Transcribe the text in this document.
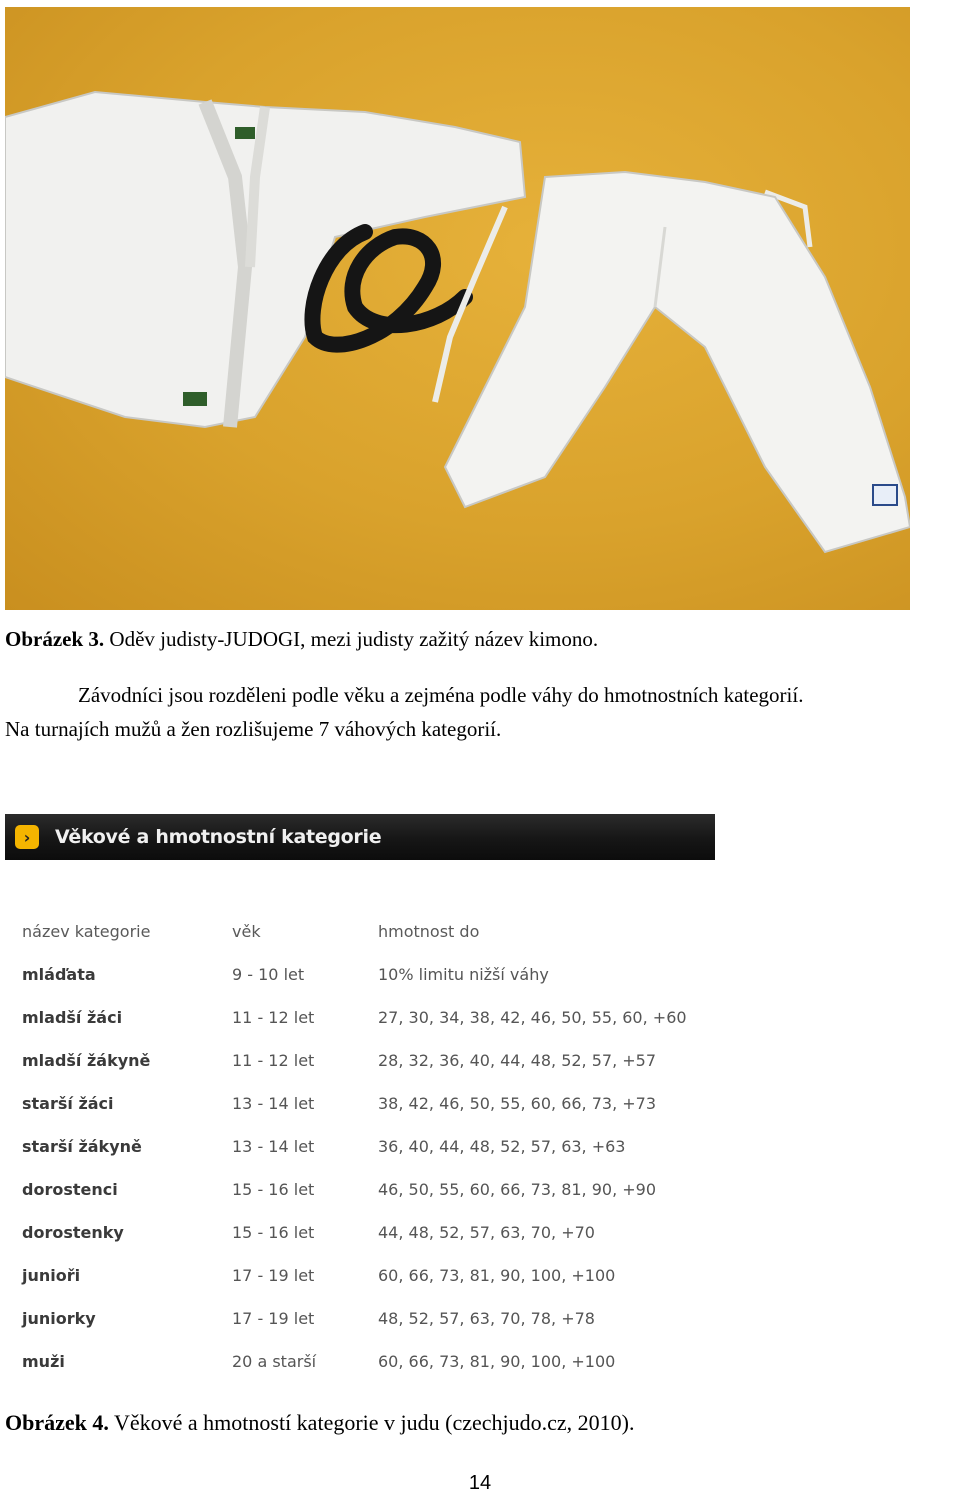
Obrázek 3. Oděv judisty-JUDOGI, mezi judisty zažitý název kimono.
Závodníci jsou rozděleni podle věku a zejména podle váhy do hmotnostních kategorií.
Na turnajích mužů a žen rozlišujeme 7 váhových kategorií.
›	Věkové a hmotnostní kategorie
název kategorie	věk	hmotnost do
mláďata	9 - 10 let	10% limitu nižší váhy
mladší žáci	11 - 12 let	27, 30, 34, 38, 42, 46, 50, 55, 60, +60
mladší žákyně	11 - 12 let	28, 32, 36, 40, 44, 48, 52, 57, +57
starší žáci	13 - 14 let	38, 42, 46, 50, 55, 60, 66, 73, +73
starší žákyně	13 - 14 let	36, 40, 44, 48, 52, 57, 63, +63
dorostenci	15 - 16 let	46, 50, 55, 60, 66, 73, 81, 90, +90
dorostenky	15 - 16 let	44, 48, 52, 57, 63, 70, +70
junioři	17 - 19 let	60, 66, 73, 81, 90, 100, +100
juniorky	17 - 19 let	48, 52, 57, 63, 70, 78, +78
muži	20 a starší	60, 66, 73, 81, 90, 100, +100
Obrázek 4. Věkové a hmotností kategorie v judu (czechjudo.cz, 2010).
14
